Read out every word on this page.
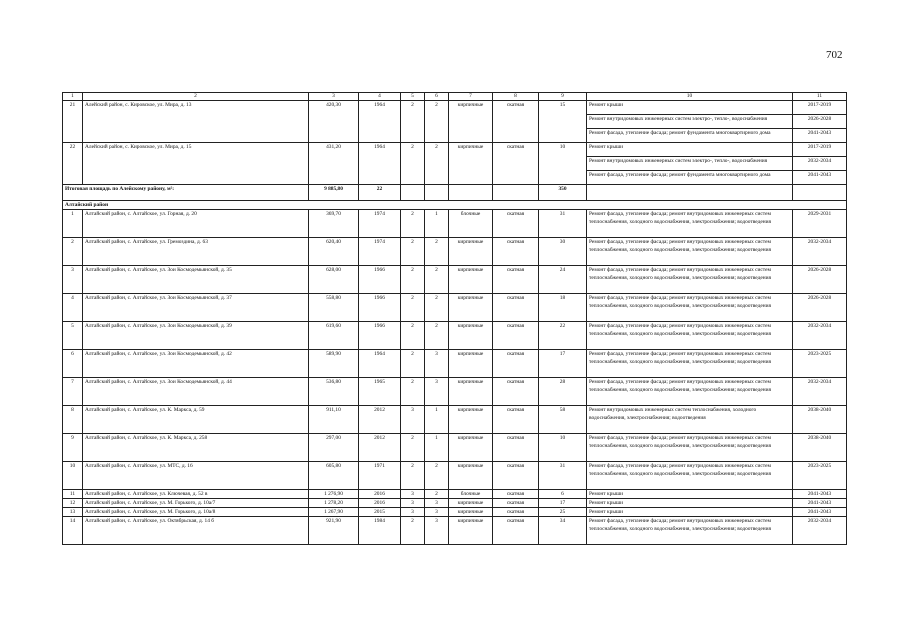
702
1	2	3	4	5	6	7	8	9	10	11
21	Алейский район, с. Кировское, ул. Мира, д. 13	420,30	1964	2	2	кирпичные	скатная	15	Ремонт крыши	2017-2019
									Ремонт внутридомовых инженерных систем электро-, тепло-, водоснабжения	2026-2028
									Ремонт фасада, утепление фасада; ремонт фундамента многоквартирного дома	2041-2043
22	Алейский район, с. Кировское, ул. Мира, д. 15	431,20	1964	2	2	кирпичные	скатная	10	Ремонт крыши	2017-2019
									Ремонт внутридомовых инженерных систем электро-, тепло-, водоснабжения	2032-2034
									Ремонт фасада, утепление фасада; ремонт фундамента многоквартирного дома	2041-2043
Итоговая площадь по Алейскому району, м²:		9 885,80	22					350		
Алтайский район										
1	Алтайский район, с. Алтайское, ул. Горная, д. 20	369,70	1974	2	1	блочные	скатная	31	Ремонт фасада, утепление фасада; ремонт внутридомовых инженерных систем теплоснабжения, холодного водоснабжения, электроснабжения; водоотведения	2029-2031
2	Алтайский район, с. Алтайское, ул. Гремоздина, д. 63	620,40	1974	2	2	кирпичные	скатная	30	Ремонт фасада, утепление фасада; ремонт внутридомовых инженерных систем теплоснабжения, холодного водоснабжения, электроснабжения; водоотведения	2032-2034
3	Алтайский район, с. Алтайское, ул. Зои Космодемьянской, д. 35	628,00	1966	2	2	кирпичные	скатная	24	Ремонт фасада, утепление фасада; ремонт внутридомовых инженерных систем теплоснабжения, холодного водоснабжения, электроснабжения; водоотведения	2026-2028
4	Алтайский район, с. Алтайское, ул. Зои Космодемьянской, д. 37	558,80	1966	2	2	кирпичные	скатная	18	Ремонт фасада, утепление фасада; ремонт внутридомовых инженерных систем теплоснабжения, холодного водоснабжения, электроснабжения; водоотведения	2026-2028
5	Алтайский район, с. Алтайское, ул. Зои Космодемьянской, д. 39	619,60	1966	2	2	кирпичные	скатная	22	Ремонт фасада, утепление фасада; ремонт внутридомовых инженерных систем теплоснабжения, холодного водоснабжения, электроснабжения; водоотведения	2032-2034
6	Алтайский район, с. Алтайское, ул. Зои Космодемьянской, д. 42	589,90	1964	2	3	кирпичные	скатная	17	Ремонт фасада, утепление фасада; ремонт внутридомовых инженерных систем теплоснабжения, холодного водоснабжения, электроснабжения; водоотведения	2023-2025
7	Алтайский район, с. Алтайское, ул. Зои Космодемьянской, д. 44	536,80	1965	2	3	кирпичные	скатная	28	Ремонт фасада, утепление фасада; ремонт внутридомовых инженерных систем теплоснабжения, холодного водоснабжения, электроснабжения; водоотведения	2032-2034
8	Алтайский район, с. Алтайское, ул. К. Маркса, д. 59	911,10	2012	3	1	кирпичные	скатная	58	Ремонт внутридомовых инженерных систем теплоснабжения, холодного водоснабжения, электроснабжения; водоотведения	2038-2040
9	Алтайский район, с. Алтайское, ул. К. Маркса, д. 258	297,00	2012	2	1	кирпичные	скатная	10	Ремонт фасада, утепление фасада; ремонт внутридомовых инженерных систем теплоснабжения, холодного водоснабжения, электроснабжения; водоотведения	2038-2040
10	Алтайский район, с. Алтайское, ул. МТС, д. 16	605,80	1971	2	2	кирпичные	скатная	31	Ремонт фасада, утепление фасада; ремонт внутридомовых инженерных систем теплоснабжения, холодного водоснабжения, электроснабжения; водоотведения	2023-2025
11	Алтайский район, с. Алтайское, ул. Ключевая, д. 52 в	1 276,90	2016	3	2	блочные	скатная	6	Ремонт крыши	2041-2043
12	Алтайский район, с. Алтайское, ул. М. Горького, д. 10а/7	1 278,20	2016	3	3	кирпичные	скатная	17	Ремонт крыши	2041-2043
13	Алтайский район, с. Алтайское, ул. М. Горького, д. 10а/8	1 267,90	2015	3	3	кирпичные	скатная	25	Ремонт крыши	2041-2043
14	Алтайский район, с. Алтайское, ул. Октябрьская, д. 14 б	921,90	1984	2	3	кирпичные	скатная	34	Ремонт фасада, утепление фасада; ремонт внутридомовых инженерных систем теплоснабжения, холодного водоснабжения, электроснабжения; водоотведения	2032-2034
